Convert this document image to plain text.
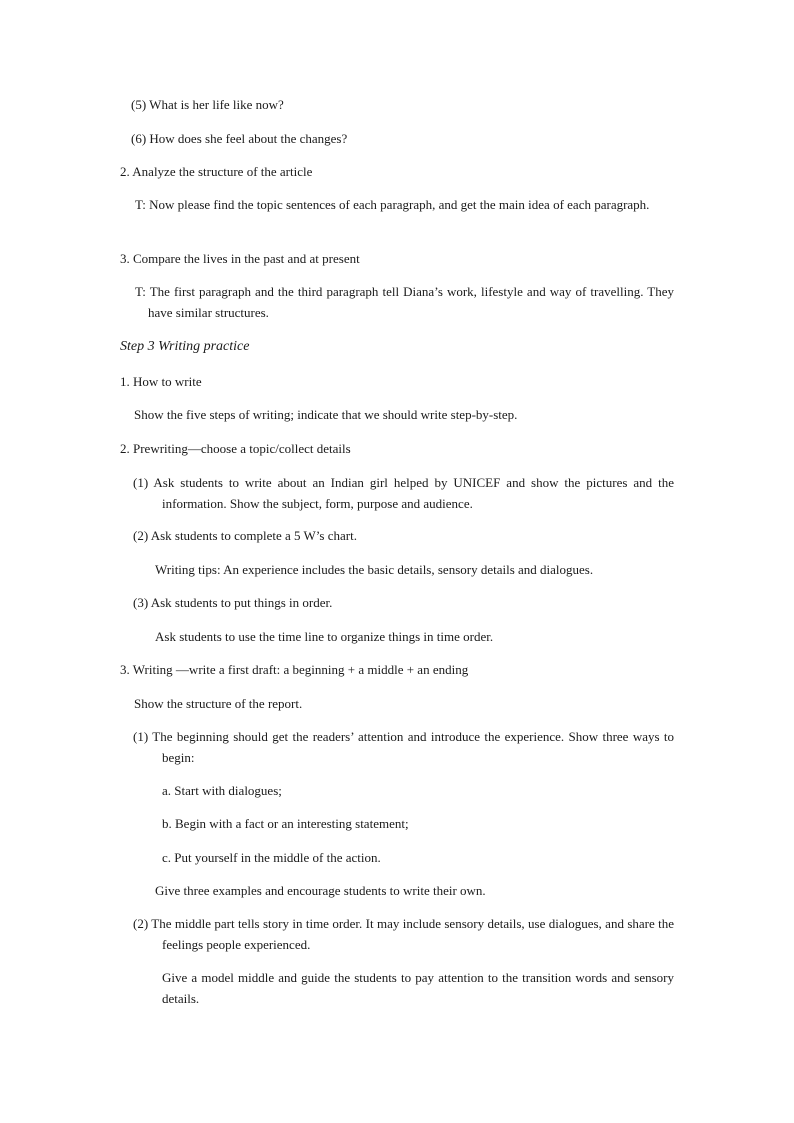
(5) What is her life like now?
(6) How does she feel about the changes?
2. Analyze the structure of the article
T: Now please find the topic sentences of each paragraph, and get the main idea of each paragraph.
3. Compare the lives in the past and at present
T: The first paragraph and the third paragraph tell Diana’s work, lifestyle and way of travelling. They have similar structures.
Step 3 Writing practice
1. How to write
Show the five steps of writing; indicate that we should write step-by-step.
2. Prewriting—choose a topic/collect details
(1) Ask students to write about an Indian girl helped by UNICEF and show the pictures and the information. Show the subject, form, purpose and audience.
(2) Ask students to complete a 5 W’s chart.
Writing tips: An experience includes the basic details, sensory details and dialogues.
(3) Ask students to put things in order.
Ask students to use the time line to organize things in time order.
3. Writing —write a first draft: a beginning + a middle + an ending
Show the structure of the report.
(1) The beginning should get the readers’ attention and introduce the experience. Show three ways to begin:
a. Start with dialogues;
b. Begin with a fact or an interesting statement;
c. Put yourself in the middle of the action.
Give three examples and encourage students to write their own.
(2) The middle part tells story in time order. It may include sensory details, use dialogues, and share the feelings people experienced.
Give a model middle and guide the students to pay attention to the transition words and sensory details.
